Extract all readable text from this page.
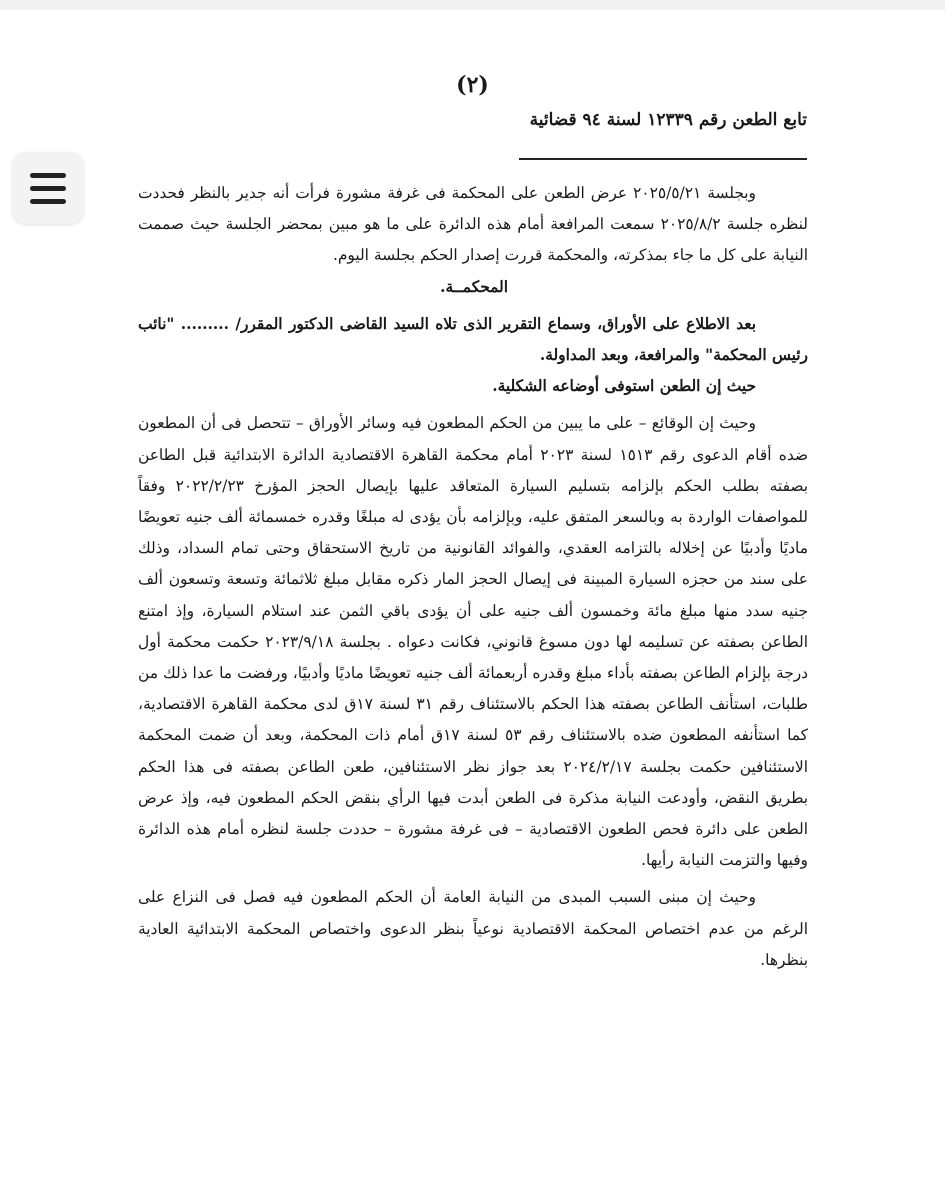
(٢)
تابع الطعن رقم ١٢٣٣٩ لسنة ٩٤ قضائية

وبجلسة ٢٠٢٥/٥/٢١ عرض الطعن على المحكمة فى غرفة مشورة فرأت أنه جدير بالنظر فحددت لنظره جلسة ٢٠٢٥/٨/٢ سمعت المرافعة أمام هذه الدائرة على ما هو مبين بمحضر الجلسة حيث صممت النيابة على كل ما جاء بمذكرته، والمحكمة قررت إصدار الحكم بجلسة اليوم.

المحكمــة.

بعد الاطلاع على الأوراق، وسماع التقرير الذى تلاه السيد القاضى الدكتور المقرر/ ......... "نائب رئيس المحكمة" والمرافعة، وبعد المداولة.

حيث إن الطعن استوفى أوضاعه الشكلية.

وحيث إن الوقائع – على ما يبين من الحكم المطعون فيه وسائر الأوراق – تتحصل فى أن المطعون ضده أقام الدعوى رقم ١٥١٣ لسنة ٢٠٢٣ أمام محكمة القاهرة الاقتصادية الدائرة الابتدائية قبل الطاعن بصفته بطلب الحكم بإلزامه بتسليم السيارة المتعاقد عليها بإيصال الحجز المؤرخ ٢٠٢٢/٢/٢٣ وفقاً للمواصفات الواردة به وبالسعر المتفق عليه، وبإلزامه بأن يؤدى له مبلغًا وقدره خمسمائة ألف جنيه تعويضًا ماديًا وأدبيًا عن إخلاله بالتزامه العقدي، والفوائد القانونية من تاريخ الاستحقاق وحتى تمام السداد، وذلك على سند من حجزه السيارة المبينة فى إيصال الحجز المار ذكره مقابل مبلغ ثلاثمائة وتسعة وتسعون ألف جنيه سدد منها مبلغ مائة وخمسون ألف جنيه على أن يؤدى باقي الثمن عند استلام السيارة، وإذ امتنع الطاعن بصفته عن تسليمه لها دون مسوغ قانوني، فكانت دعواه . بجلسة ٢٠٢٣/٩/١٨ حكمت محكمة أول درجة بإلزام الطاعن بصفته بأداء مبلغ وقدره أربعمائة ألف جنيه تعويضًا ماديًا وأدبيًا، ورفضت ما عدا ذلك من طلبات، استأنف الطاعن بصفته هذا الحكم بالاستئناف رقم ٣١ لسنة ١٧ق لدى محكمة القاهرة الاقتصادية، كما استأنفه المطعون ضده بالاستئناف رقم ٥٣ لسنة ١٧ق أمام ذات المحكمة، وبعد أن ضمت المحكمة الاستئنافين حكمت بجلسة ٢٠٢٤/٢/١٧ بعد جواز نظر الاستئنافين، طعن الطاعن بصفته فى هذا الحكم بطريق النقض، وأودعت النيابة مذكرة فى الطعن أبدت فيها الرأي بنقض الحكم المطعون فيه، وإذ عرض الطعن على دائرة فحص الطعون الاقتصادية – فى غرفة مشورة – حددت جلسة لنظره أمام هذه الدائرة وفيها والتزمت النيابة رأيها.

وحيث إن مبنى السبب المبدى من النيابة العامة أن الحكم المطعون فيه فصل فى النزاع على الرغم من عدم اختصاص المحكمة الاقتصادية نوعياً بنظر الدعوى واختصاص المحكمة الابتدائية العادية بنظرها.
